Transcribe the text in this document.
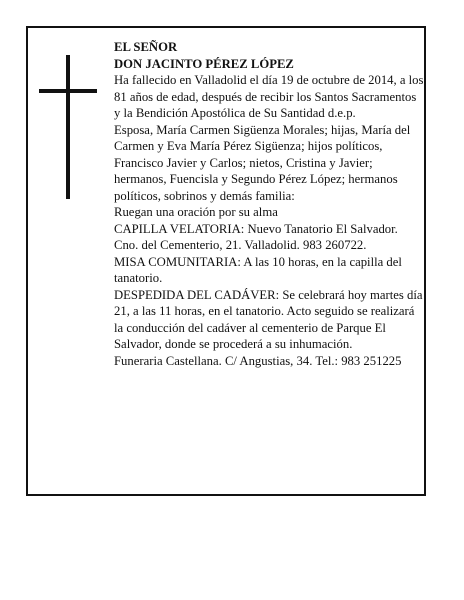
EL SEÑOR

DON JACINTO PÉREZ LÓPEZ

Ha fallecido en Valladolid el día 19 de octubre de 2014, a los 81 años de edad, después de recibir los Santos Sacramentos y la Bendición Apostólica de Su Santidad d.e.p.

Esposa, María Carmen Sigüenza Morales; hijas, María del Carmen y Eva María Pérez Sigüenza; hijos políticos, Francisco Javier y Carlos; nietos, Cristina y Javier; hermanos, Fuencisla y Segundo Pérez López; hermanos políticos, sobrinos y demás familia:

Ruegan una oración por su alma

CAPILLA VELATORIA: Nuevo Tanatorio El Salvador. Cno. del Cementerio, 21. Valladolid. 983 260722.

MISA COMUNITARIA: A las 10 horas, en la capilla del tanatorio.

DESPEDIDA DEL CADÁVER: Se celebrará hoy martes día 21, a las 11 horas, en el tanatorio. Acto seguido se realizará la conducción del cadáver al cementerio de Parque El Salvador, donde se procederá a su inhumación.

Funeraria Castellana. C/ Angustias, 34. Tel.: 983 251225
